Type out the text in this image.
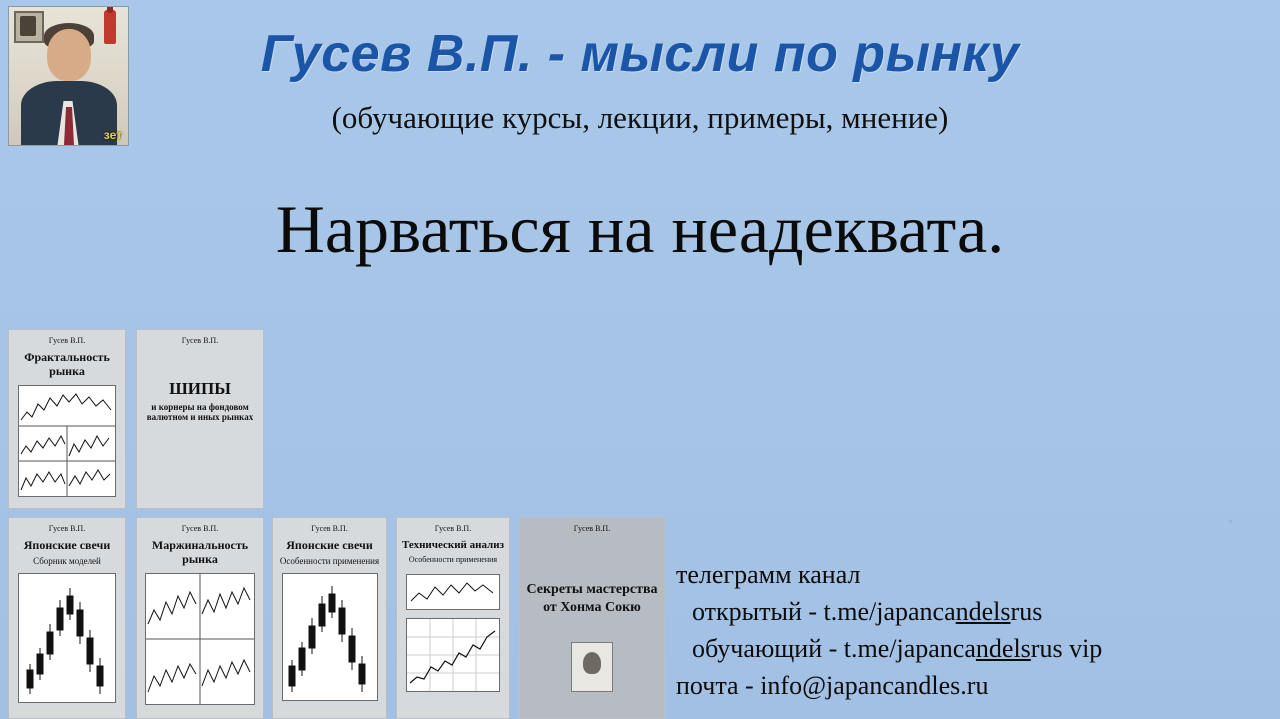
зет
Гусев В.П. - мысли по рынку
(обучающие курсы, лекции, примеры, мнение)
Нарваться на неадеквата.
Гусев В.П.
Фрактальность рынка
Гусев В.П.
ШИПЫ
и корнеры на фондовом валютном и иных рынках
Гусев В.П.
Японские свечи
Сборник моделей
Гусев В.П.
Маржинальность рынка
Гусев В.П.
Японские свечи
Особенности применения
Гусев В.П.
Технический анализ
Особенности применения
Гусев В.П.
Секреты мастерства от Хонма Сокю
телеграмм канал
открытый - t.me/japancandelsrus
обучающий - t.me/japancandelsrus vip
почта - info@japancandles.ru
